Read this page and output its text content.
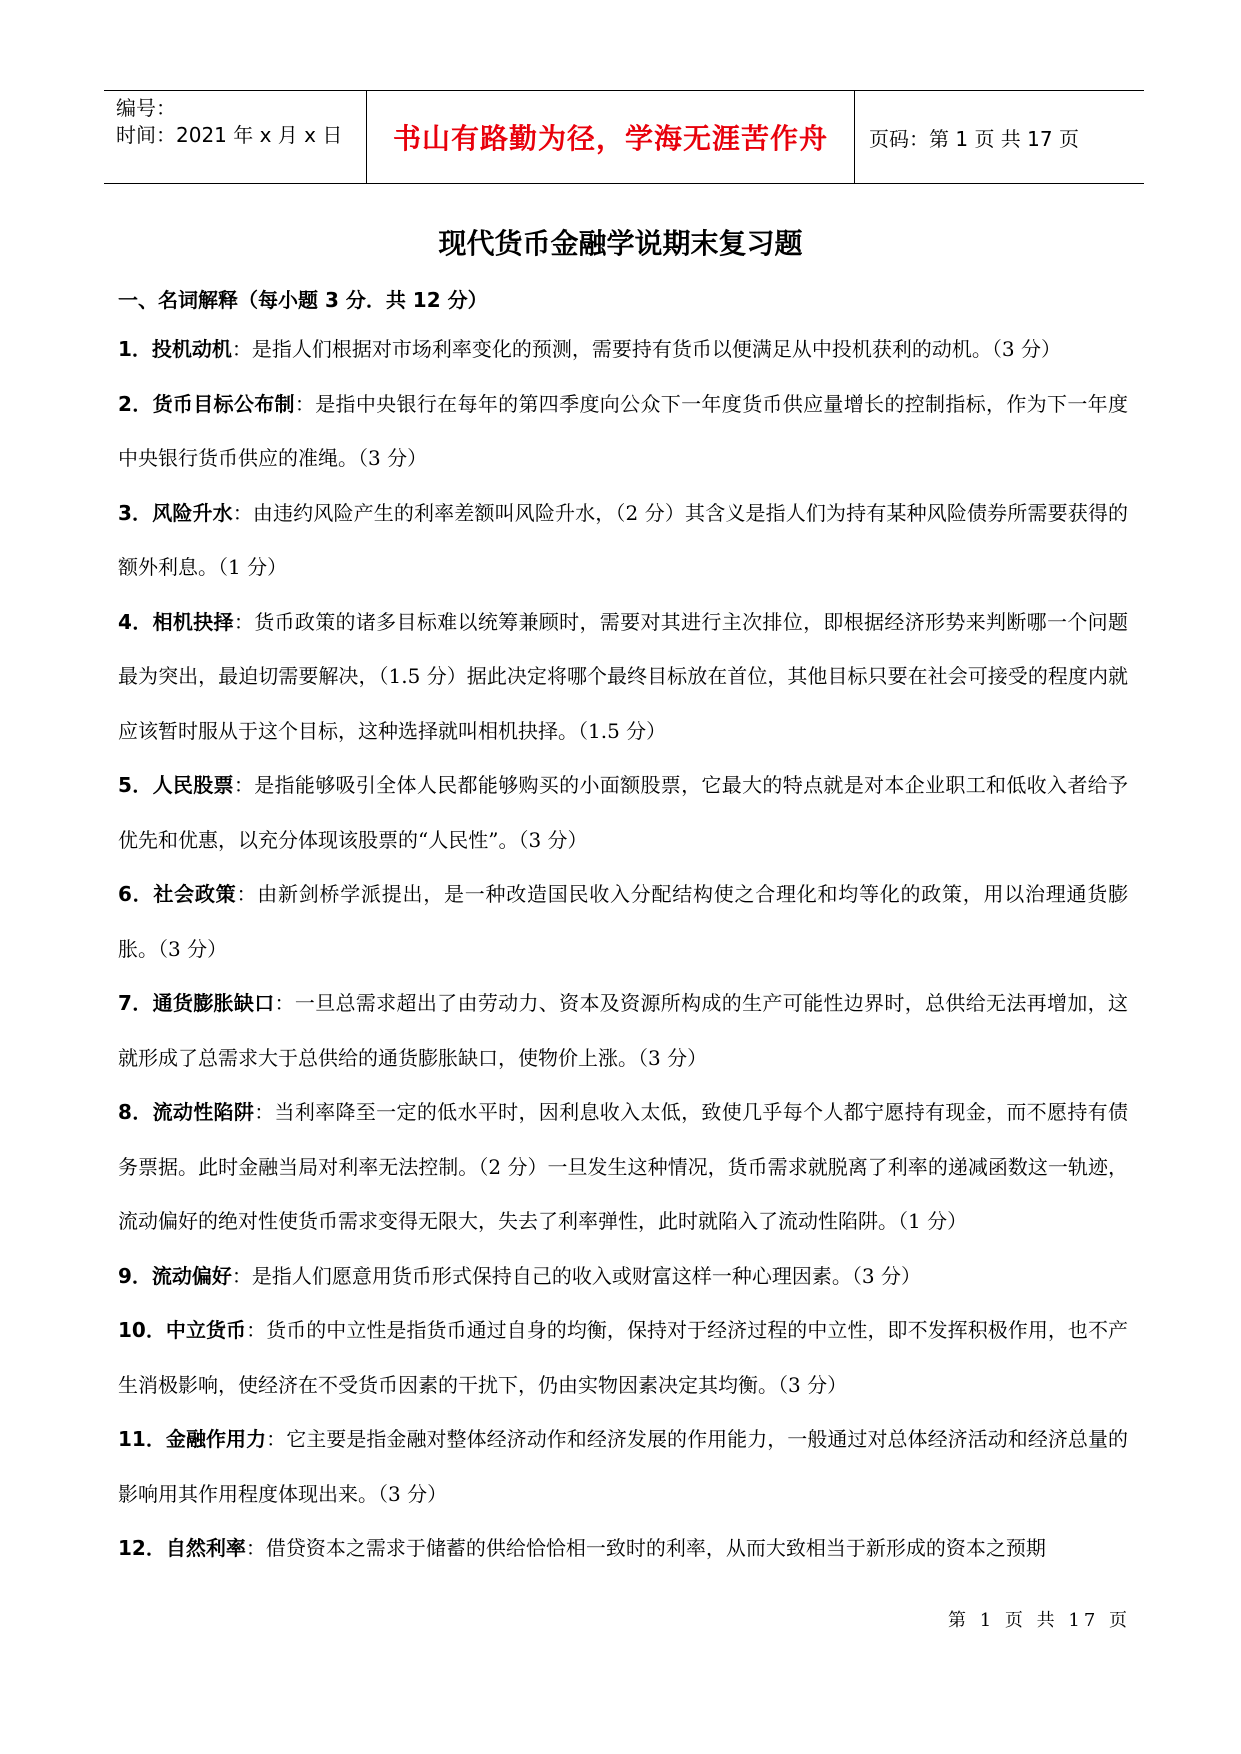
编号：
时间：2021 年 x 月 x 日	书山有路勤为径，学海无涯苦作舟	页码：第 1 页 共 17 页
现代货币金融学说期末复习题
一、名词解释（每小题 3 分．共 12 分）

1．投机动机：是指人们根据对市场利率变化的预测，需要持有货币以便满足从中投机获利的动机。（3 分）

2．货币目标公布制：是指中央银行在每年的第四季度向公众下一年度货币供应量增长的控制指标，作为下一年度中央银行货币供应的准绳。（3 分）

3．风险升水：由违约风险产生的利率差额叫风险升水，（2 分）其含义是指人们为持有某种风险债券所需要获得的额外利息。（1 分）

4．相机抉择：货币政策的诸多目标难以统筹兼顾时，需要对其进行主次排位，即根据经济形势来判断哪一个问题最为突出，最迫切需要解决，（1.5 分）据此决定将哪个最终目标放在首位，其他目标只要在社会可接受的程度内就应该暂时服从于这个目标，这种选择就叫相机抉择。（1.5 分）

5．人民股票：是指能够吸引全体人民都能够购买的小面额股票，它最大的特点就是对本企业职工和低收入者给予优先和优惠，以充分体现该股票的“人民性”。（3 分）

6．社会政策：由新剑桥学派提出，是一种改造国民收入分配结构使之合理化和均等化的政策，用以治理通货膨胀。（3 分）

7．通货膨胀缺口：一旦总需求超出了由劳动力、资本及资源所构成的生产可能性边界时，总供给无法再增加，这就形成了总需求大于总供给的通货膨胀缺口，使物价上涨。（3 分）

8．流动性陷阱：当利率降至一定的低水平时，因利息收入太低，致使几乎每个人都宁愿持有现金，而不愿持有债务票据。此时金融当局对利率无法控制。（2 分）一旦发生这种情况，货币需求就脱离了利率的递减函数这一轨迹，流动偏好的绝对性使货币需求变得无限大，失去了利率弹性，此时就陷入了流动性陷阱。（1 分）

9．流动偏好：是指人们愿意用货币形式保持自己的收入或财富这样一种心理因素。（3 分）

10．中立货币：货币的中立性是指货币通过自身的均衡，保持对于经济过程的中立性，即不发挥积极作用，也不产生消极影响，使经济在不受货币因素的干扰下，仍由实物因素决定其均衡。（3 分）

11．金融作用力：它主要是指金融对整体经济动作和经济发展的作用能力，一般通过对总体经济活动和经济总量的影响用其作用程度体现出来。（3 分）

12．自然利率：借贷资本之需求于储蓄的供给恰恰相一致时的利率，从而大致相当于新形成的资本之预期

第 1 页 共 17 页
